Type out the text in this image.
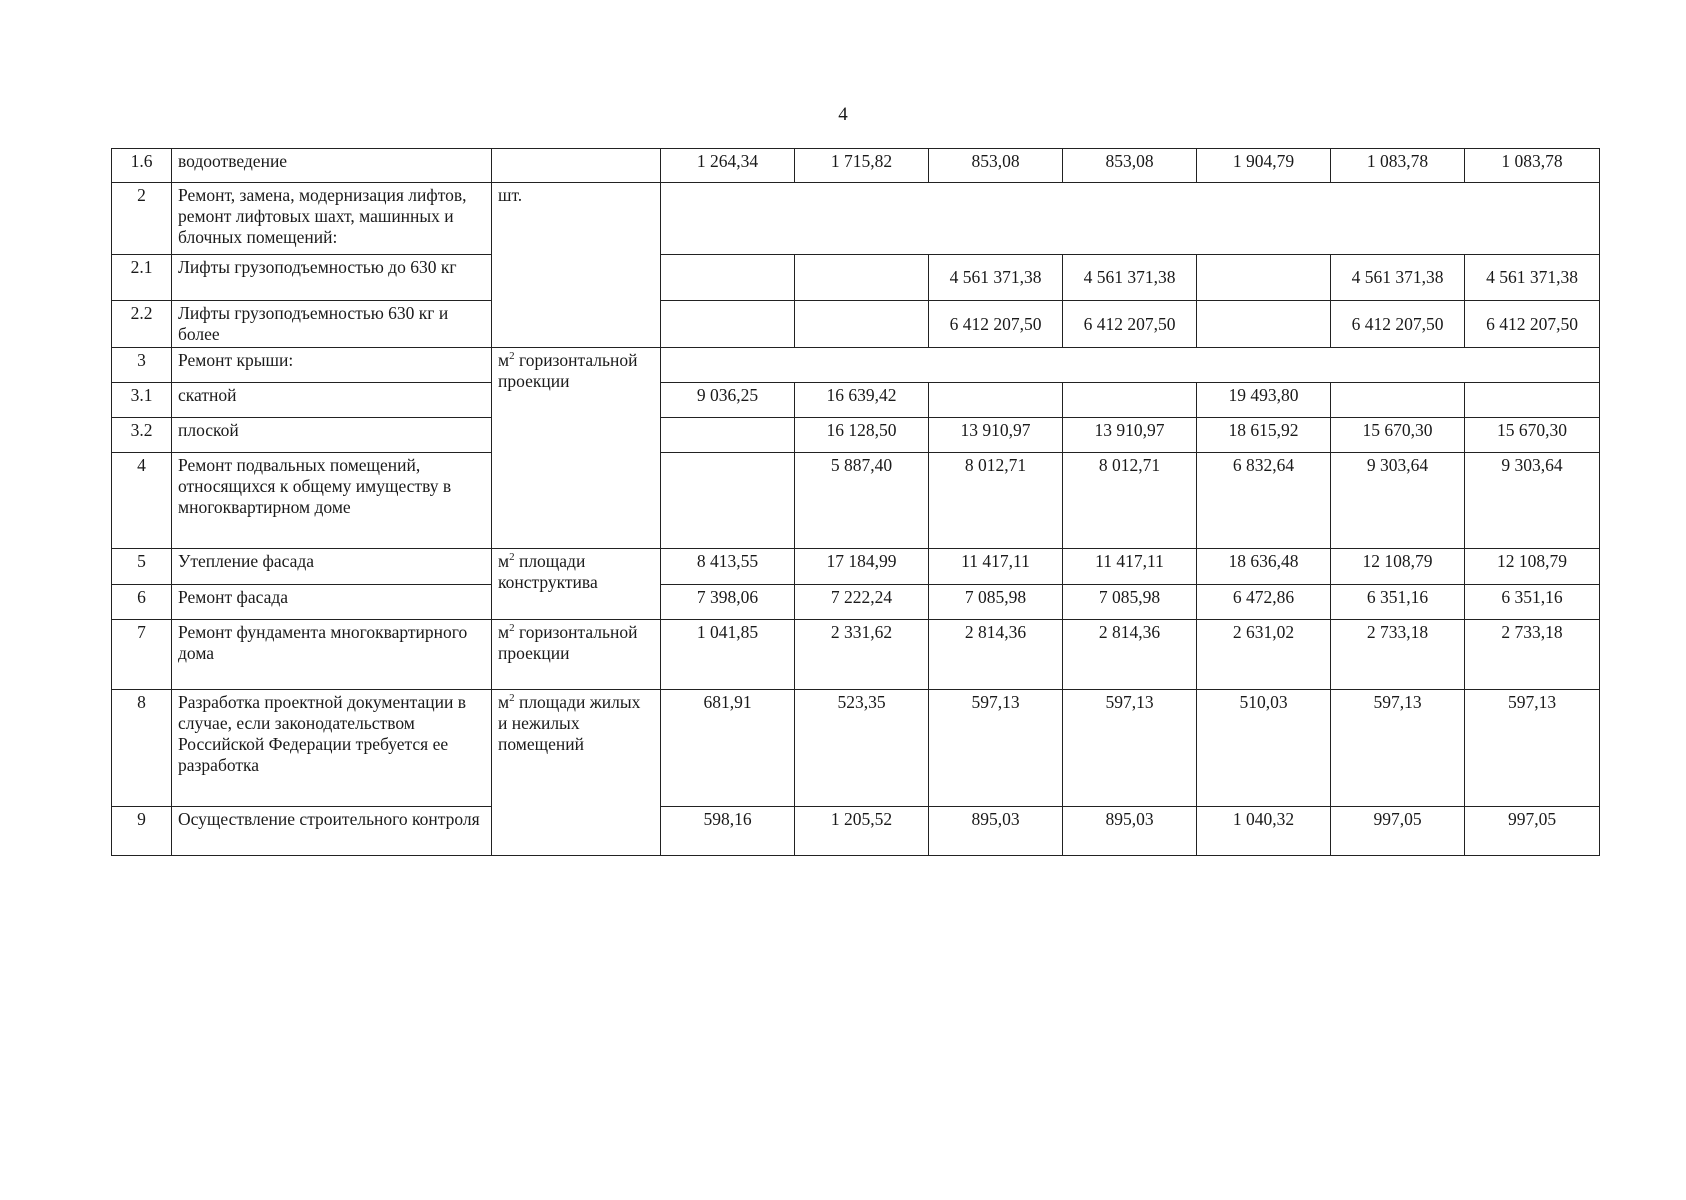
4
1.6	водоотведение		1 264,34	1 715,82	853,08	853,08	1 904,79	1 083,78	1 083,78
2	Ремонт, замена, модернизация лифтов, ремонт лифтовых шахт, машинных и блочных помещений:	шт.							
2.1	Лифты грузоподъемностью до 630 кг				4 561 371,38	4 561 371,38		4 561 371,38	4 561 371,38
2.2	Лифты грузоподъемностью 630 кг и более				6 412 207,50	6 412 207,50		6 412 207,50	6 412 207,50
3	Ремонт крыши:	$м^2$ горизонтальной проекции							
3.1	скатной		9 036,25	16 639,42			19 493,80		
3.2	плоской			16 128,50	13 910,97	13 910,97	18 615,92	15 670,30	15 670,30
4	Ремонт подвальных помещений, относящихся к общему имуществу в многоквартирном доме			5 887,40	8 012,71	8 012,71	6 832,64	9 303,64	9 303,64
5	Утепление фасада	$м^2$ площади конструктива	8 413,55	17 184,99	11 417,11	11 417,11	18 636,48	12 108,79	12 108,79
6	Ремонт фасада		7 398,06	7 222,24	7 085,98	7 085,98	6 472,86	6 351,16	6 351,16
7	Ремонт фундамента многоквартирного дома	$м^2$ горизонтальной проекции	1 041,85	2 331,62	2 814,36	2 814,36	2 631,02	2 733,18	2 733,18
8	Разработка проектной документации в случае, если законодательством Российской Федерации требуется ее разработка	$м^2$ площади жилых и нежилых помещений	681,91	523,35	597,13	597,13	510,03	597,13	597,13
9	Осуществление строительного контроля		598,16	1 205,52	895,03	895,03	1 040,32	997,05	997,05
